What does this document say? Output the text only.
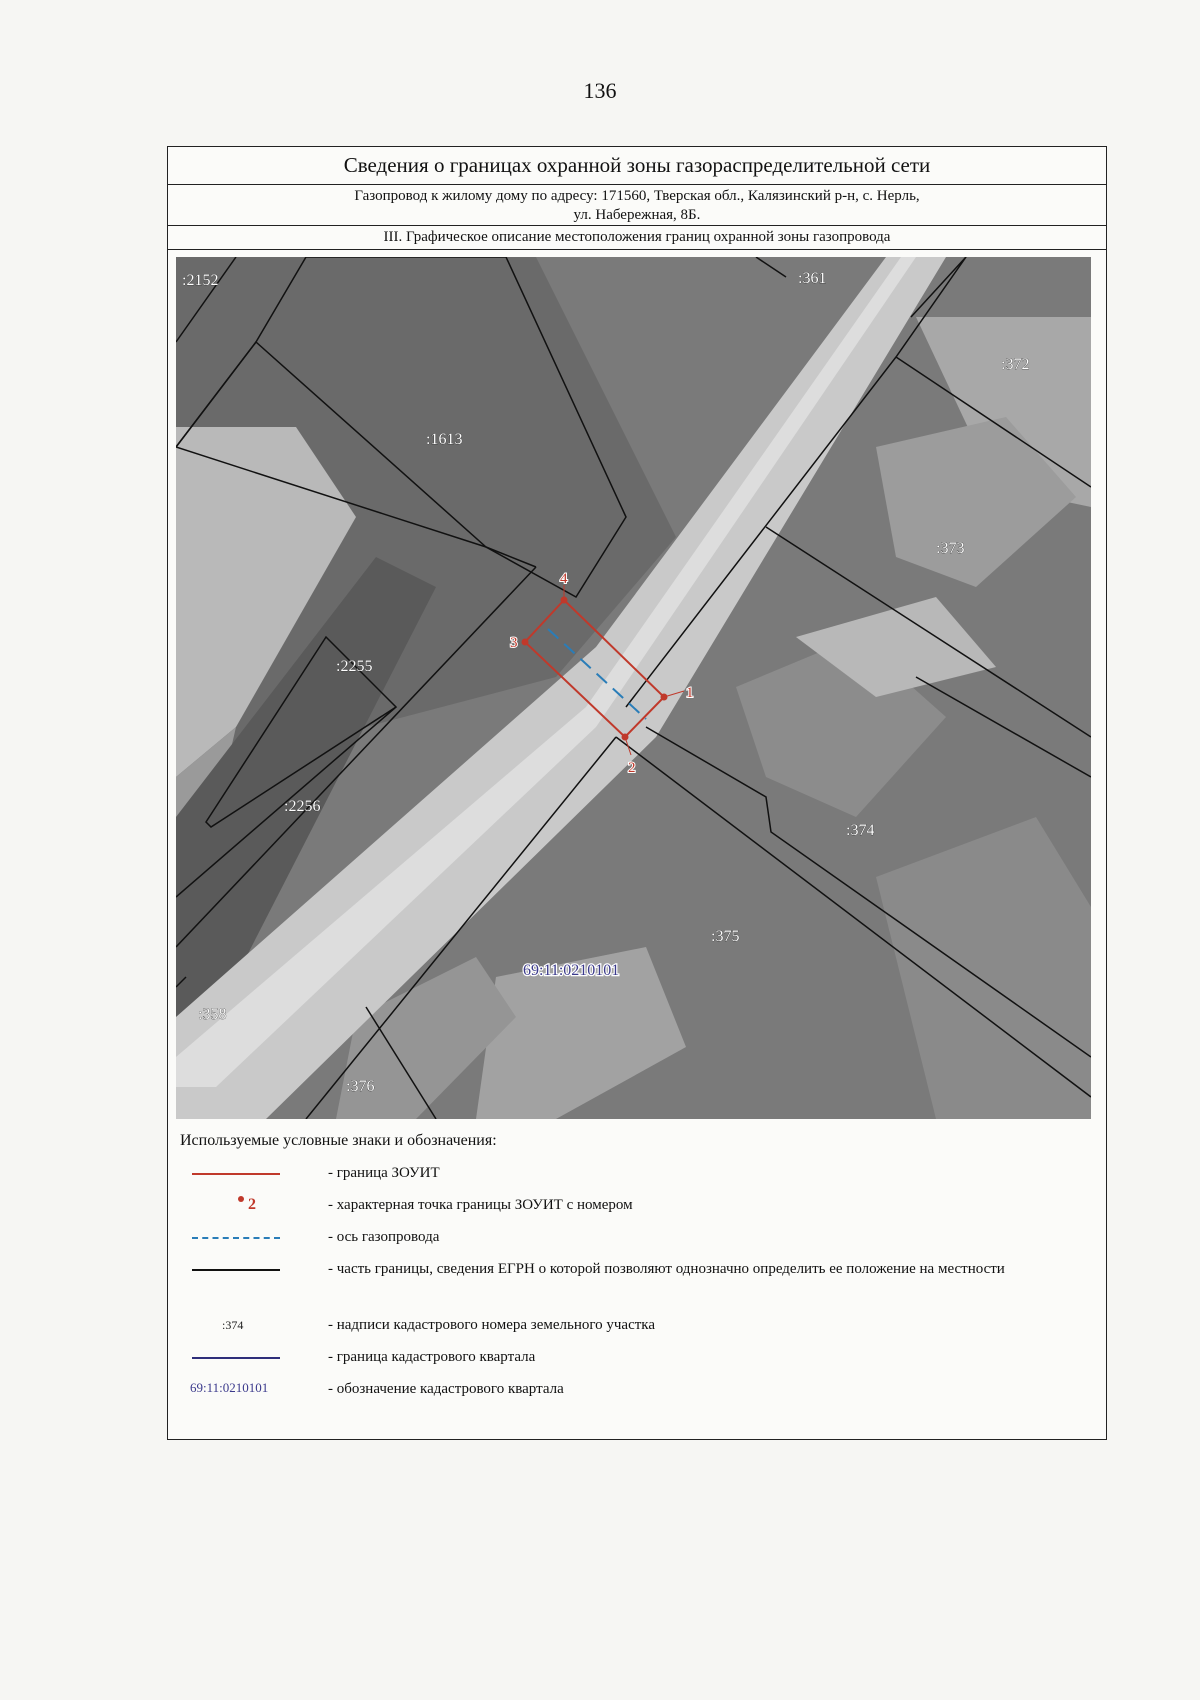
136
Сведения о границах охранной зоны газораспределительной сети
Газопровод к жилому дому по адресу: 171560, Тверская обл., Калязинский р-н, с. Нерль,
ул. Набережная, 8Б.
III. Графическое описание местоположения границ охранной зоны газопровода
1
2
3
4
:2152	:361
:372
:1613
:373
:2255
:2256
:374
:375
:358
:376
69:11:0210101
Используемые условные знаки и обозначения:
- граница ЗОУИТ
2	- характерная точка границы ЗОУИТ с номером
- ось газопровода
- часть границы, сведения ЕГРН о которой позволяют однозначно определить ее положение на местности
:374	- надписи кадастрового номера земельного участка
- граница кадастрового квартала
69:11:0210101	- обозначение кадастрового квартала
